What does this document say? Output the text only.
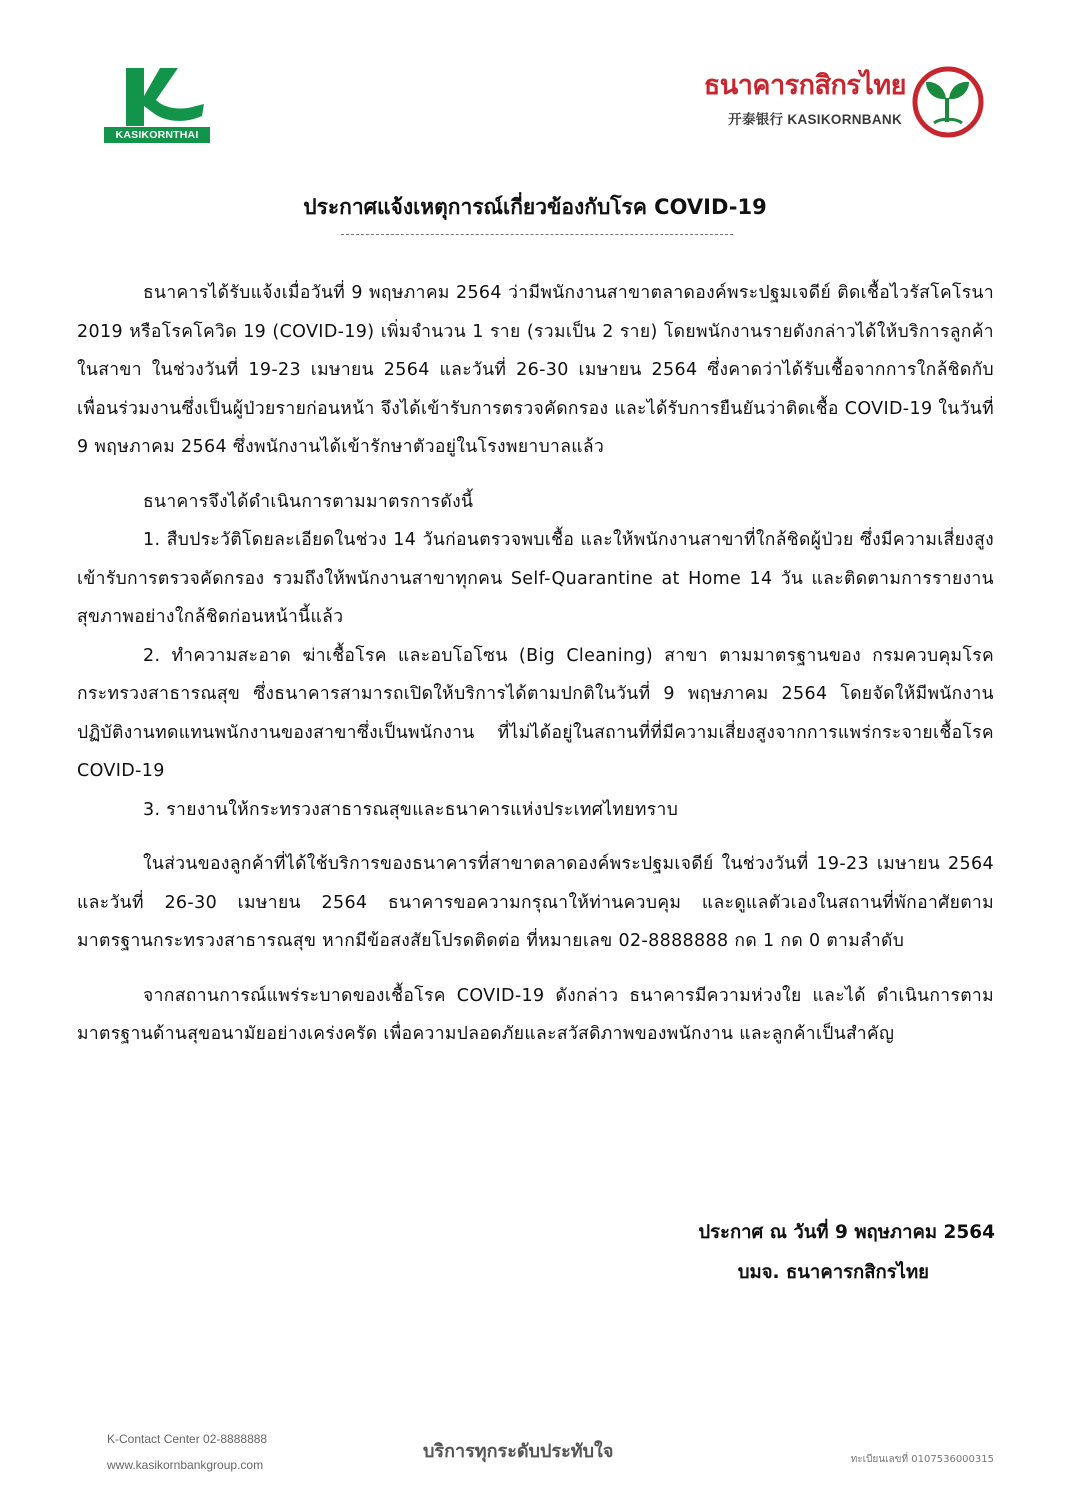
KASIKORNTHAI
ธนาคารกสิกรไทย
开泰银行 KASIKORNBANK
ประกาศแจ้งเหตุการณ์เกี่ยวข้องกับโรค COVID-19

ธนาคารได้รับแจ้งเมื่อวันที่ 9 พฤษภาคม 2564 ว่ามีพนักงานสาขาตลาดองค์พระปฐมเจดีย์ ติดเชื้อไวรัสโคโรนา 2019 หรือโรคโควิด 19 (COVID-19) เพิ่มจำนวน 1 ราย (รวมเป็น 2 ราย) โดยพนักงานรายดังกล่าวได้ให้บริการลูกค้าในสาขา ในช่วงวันที่ 19-23 เมษายน 2564 และวันที่ 26-30 เมษายน 2564 ซึ่งคาดว่าได้รับเชื้อจากการใกล้ชิดกับเพื่อนร่วมงานซึ่งเป็นผู้ป่วยรายก่อนหน้า จึงได้เข้ารับการตรวจคัดกรอง และได้รับการยืนยันว่าติดเชื้อ COVID-19 ในวันที่ 9 พฤษภาคม 2564 ซึ่งพนักงานได้เข้ารักษาตัวอยู่ในโรงพยาบาลแล้ว

ธนาคารจึงได้ดำเนินการตามมาตรการดังนี้

1. สืบประวัติโดยละเอียดในช่วง 14 วันก่อนตรวจพบเชื้อ และให้พนักงานสาขาที่ใกล้ชิดผู้ป่วย ซึ่งมีความเสี่ยงสูงเข้ารับการตรวจคัดกรอง รวมถึงให้พนักงานสาขาทุกคน Self-Quarantine at Home 14 วัน และติดตามการรายงานสุขภาพอย่างใกล้ชิดก่อนหน้านี้แล้ว

2. ทำความสะอาด ฆ่าเชื้อโรค และอบโอโซน (Big Cleaning) สาขา ตามมาตรฐานของ กรมควบคุมโรค กระทรวงสาธารณสุข ซึ่งธนาคารสามารถเปิดให้บริการได้ตามปกติในวันที่ 9 พฤษภาคม 2564 โดยจัดให้มีพนักงานปฏิบัติงานทดแทนพนักงานของสาขาซึ่งเป็นพนักงาน ที่ไม่ได้อยู่ในสถานที่ที่มีความเสี่ยงสูงจากการแพร่กระจายเชื้อโรค COVID-19

3. รายงานให้กระทรวงสาธารณสุขและธนาคารแห่งประเทศไทยทราบ

ในส่วนของลูกค้าที่ได้ใช้บริการของธนาคารที่สาขาตลาดองค์พระปฐมเจดีย์ ในช่วงวันที่ 19-23 เมษายน 2564 และวันที่ 26-30 เมษายน 2564 ธนาคารขอความกรุณาให้ท่านควบคุม และดูแลตัวเองในสถานที่พักอาศัยตามมาตรฐานกระทรวงสาธารณสุข หากมีข้อสงสัยโปรดติดต่อ ที่หมายเลข 02-8888888 กด 1 กด 0 ตามลำดับ

จากสถานการณ์แพร่ระบาดของเชื้อโรค COVID-19 ดังกล่าว ธนาคารมีความห่วงใย และได้ ดำเนินการตามมาตรฐานด้านสุขอนามัยอย่างเคร่งครัด เพื่อความปลอดภัยและสวัสดิภาพของพนักงาน และลูกค้าเป็นสำคัญ

ประกาศ ณ วันที่ 9 พฤษภาคม 2564
บมจ. ธนาคารกสิกรไทย
K-Contact Center 02-8888888
www.kasikornbankgroup.com
บริการทุกระดับประทับใจ	ทะเบียนเลขที่ 0107536000315
